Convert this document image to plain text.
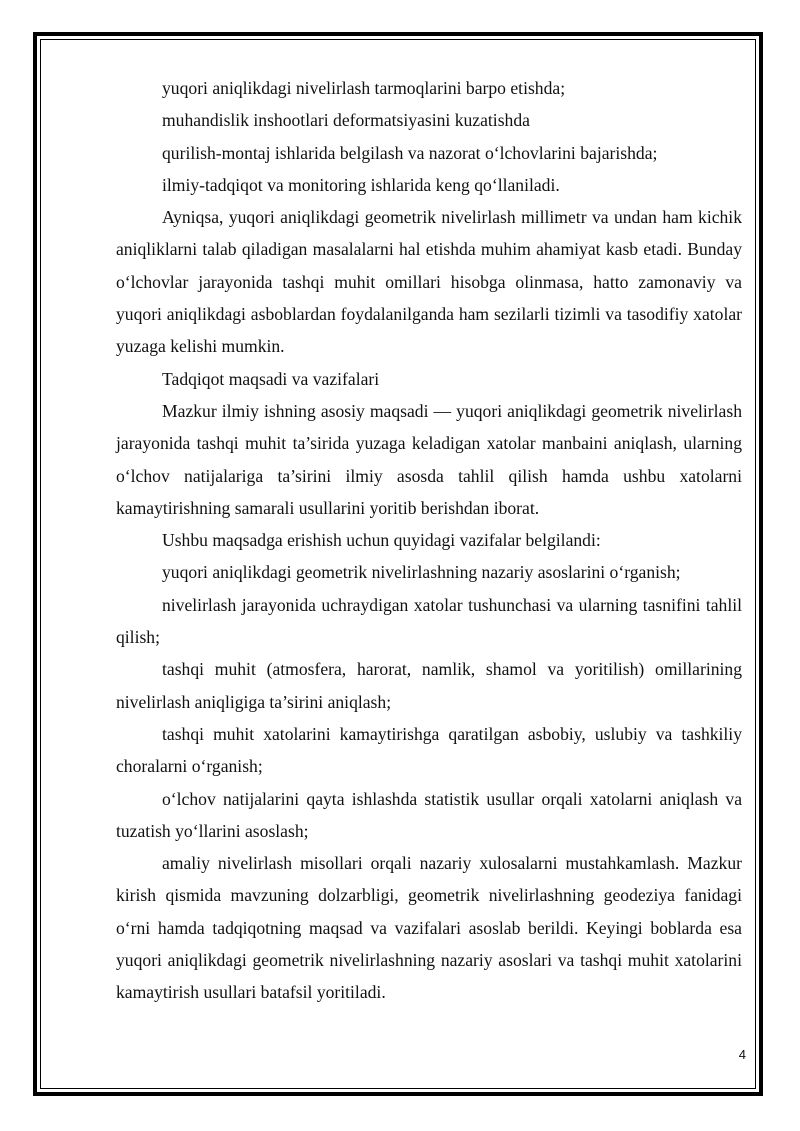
yuqori aniqlikdagi nivelirlash tarmoqlarini barpo etishda;

muhandislik inshootlari deformatsiyasini kuzatishda

qurilish-montaj ishlarida belgilash va nazorat o‘lchovlarini bajarishda;

ilmiy-tadqiqot va monitoring ishlarida keng qo‘llaniladi.

Ayniqsa, yuqori aniqlikdagi geometrik nivelirlash millimetr va undan ham kichik aniqliklarni talab qiladigan masalalarni hal etishda muhim ahamiyat kasb etadi. Bunday o‘lchovlar jarayonida tashqi muhit omillari hisobga olinmasa, hatto zamonaviy va yuqori aniqlikdagi asboblardan foydalanilganda ham sezilarli tizimli va tasodifiy xatolar yuzaga kelishi mumkin.

Tadqiqot maqsadi va vazifalari

Mazkur ilmiy ishning asosiy maqsadi — yuqori aniqlikdagi geometrik nivelirlash jarayonida tashqi muhit ta’sirida yuzaga keladigan xatolar manbaini aniqlash, ularning o‘lchov natijalariga ta’sirini ilmiy asosda tahlil qilish hamda ushbu xatolarni kamaytirishning samarali usullarini yoritib berishdan iborat.

Ushbu maqsadga erishish uchun quyidagi vazifalar belgilandi:

yuqori aniqlikdagi geometrik nivelirlashning nazariy asoslarini o‘rganish;

nivelirlash jarayonida uchraydigan xatolar tushunchasi va ularning tasnifini tahlil qilish;

tashqi muhit (atmosfera, harorat, namlik, shamol va yoritilish) omillarining nivelirlash aniqligiga ta’sirini aniqlash;

tashqi muhit xatolarini kamaytirishga qaratilgan asbobiy, uslubiy va tashkiliy choralarni o‘rganish;

o‘lchov natijalarini qayta ishlashda statistik usullar orqali xatolarni aniqlash va tuzatish yo‘llarini asoslash;

amaliy nivelirlash misollari orqali nazariy xulosalarni mustahkamlash. Mazkur kirish qismida mavzuning dolzarbligi, geometrik nivelirlashning geodeziya fanidagi o‘rni hamda tadqiqotning maqsad va vazifalari asoslab berildi. Keyingi boblarda esa yuqori aniqlikdagi geometrik nivelirlashning nazariy asoslari va tashqi muhit xatolarini kamaytirish usullari batafsil yoritiladi.

4
